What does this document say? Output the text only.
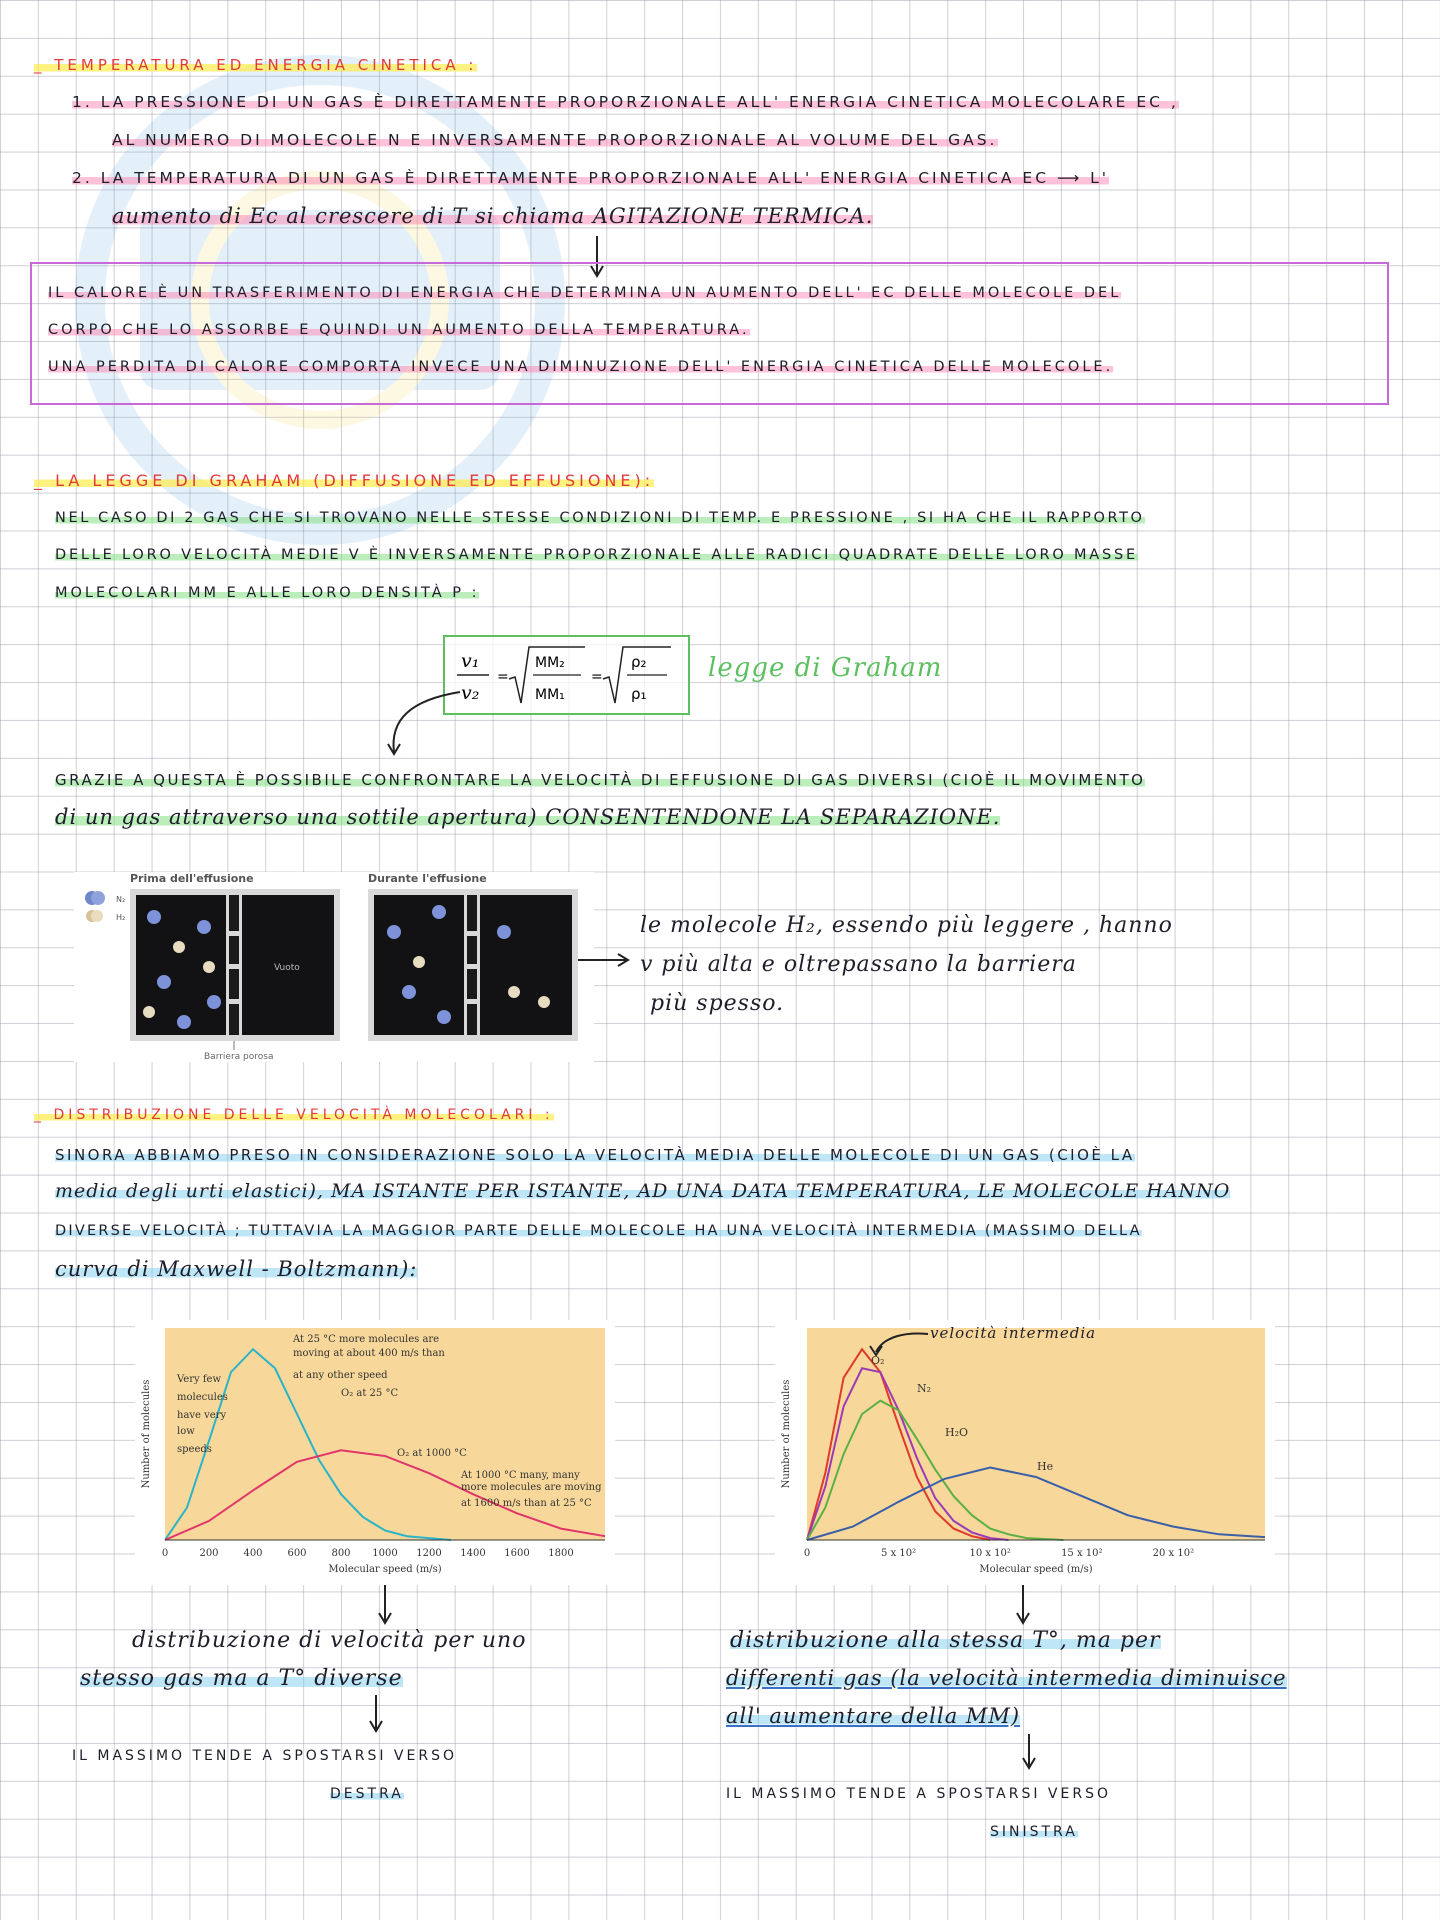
_ TEMPERATURA ED ENERGIA CINETICA :
1. LA PRESSIONE DI UN GAS È DIRETTAMENTE PROPORZIONALE ALL' ENERGIA CINETICA MOLECOLARE EC ,
AL NUMERO DI MOLECOLE N E INVERSAMENTE PROPORZIONALE AL VOLUME DEL GAS.
2. LA TEMPERATURA DI UN GAS È DIRETTAMENTE PROPORZIONALE ALL' ENERGIA CINETICA EC ⟶ L'
aumento di Ec al crescere di T si chiama AGITAZIONE TERMICA.
IL CALORE È UN TRASFERIMENTO DI ENERGIA CHE DETERMINA UN AUMENTO DELL' EC DELLE MOLECOLE DEL
CORPO CHE LO ASSORBE E QUINDI UN AUMENTO DELLA TEMPERATURA.
UNA PERDITA DI CALORE COMPORTA INVECE UNA DIMINUZIONE DELL' ENERGIA CINETICA DELLE MOLECOLE.
_ LA LEGGE DI GRAHAM (DIFFUSIONE ED EFFUSIONE):
NEL CASO DI 2 GAS CHE SI TROVANO NELLE STESSE CONDIZIONI DI TEMP. E PRESSIONE , SI HA CHE IL RAPPORTO
DELLE LORO VELOCITÀ MEDIE V È INVERSAMENTE PROPORZIONALE ALLE RADICI QUADRATE DELLE LORO MASSE
MOLECOLARI MM E ALLE LORO DENSITÀ Ρ :
v₁
v₂
=
MM₂
MM₁
=
ρ₂
ρ₁
legge di Graham
GRAZIE A QUESTA È POSSIBILE CONFRONTARE LA VELOCITÀ DI EFFUSIONE DI GAS DIVERSI (CIOÈ IL MOVIMENTO
di un gas attraverso una sottile apertura) CONSENTENDONE LA SEPARAZIONE.
N₂
H₂
Prima dell'effusione	Durante l'effusione
Vuoto
Barriera porosa
le molecole H₂, essendo più leggere , hanno
v più alta e oltrepassano la barriera
più spesso.
_ DISTRIBUZIONE DELLE VELOCITÀ MOLECOLARI :
SINORA ABBIAMO PRESO IN CONSIDERAZIONE SOLO LA VELOCITÀ MEDIA DELLE MOLECOLE DI UN GAS (CIOÈ LA
media degli urti elastici), MA ISTANTE PER ISTANTE, AD UNA DATA TEMPERATURA, LE MOLECOLE HANNO
DIVERSE VELOCITÀ ; TUTTAVIA LA MAGGIOR PARTE DELLE MOLECOLE HA UNA VELOCITÀ INTERMEDIA (MASSIMO DELLA
curva di Maxwell - Boltzmann):
0	200 400 600 800 1000 1200 1400 1600 1800
Molecular speed (m/s)
Number of molecules
At 25 °C more molecules are
moving at about 400 m/s than
at any other speed
Very few
molecules
have very
low
speeds
O₂ at 25 °C
O₂ at 1000 °C
At 1000 °C many, many
more molecules are moving
at 1600 m/s than at 25 °C
0	5 x 10²	10 x 10²	15 x 10²	20 x 10²
Molecular speed (m/s)
Number of molecules
O₂
N₂
H₂O
He
velocità intermedia
distribuzione di velocità per uno
stesso gas ma a T° diverse
IL MASSIMO TENDE A SPOSTARSI VERSO
DESTRA
distribuzione alla stessa T°, ma per
differenti gas (la velocità intermedia diminuisce
all' aumentare della MM)
IL MASSIMO TENDE A SPOSTARSI VERSO
SINISTRA
